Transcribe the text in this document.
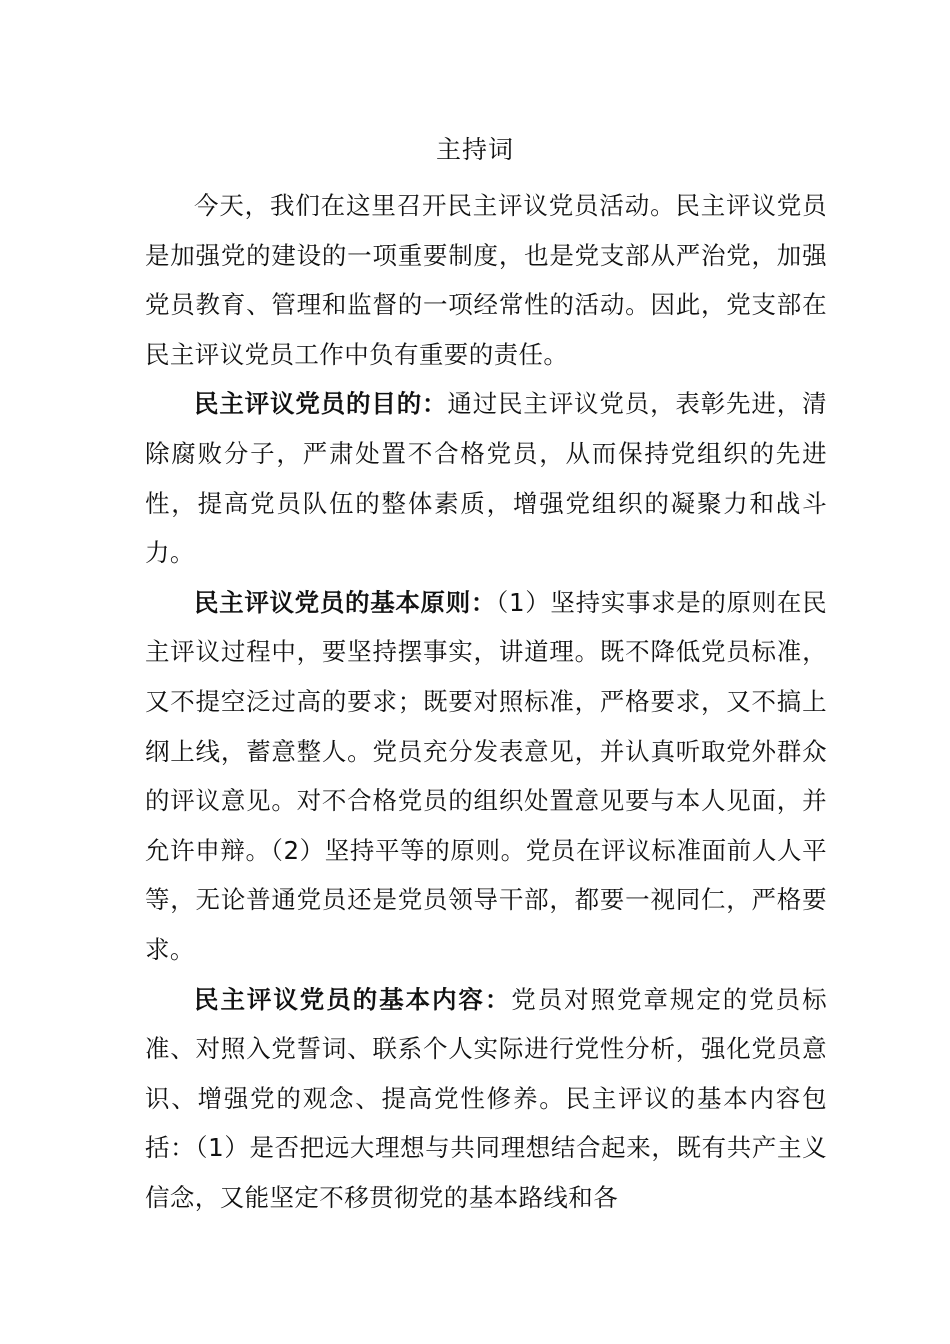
主持词

今天，我们在这里召开民主评议党员活动。民主评议党员是加强党的建设的一项重要制度，也是党支部从严治党，加强党员教育、管理和监督的一项经常性的活动。因此，党支部在民主评议党员工作中负有重要的责任。

民主评议党员的目的：通过民主评议党员，表彰先进，清除腐败分子，严肃处置不合格党员，从而保持党组织的先进性，提高党员队伍的整体素质，增强党组织的凝聚力和战斗力。

民主评议党员的基本原则：（1）坚持实事求是的原则在民主评议过程中，要坚持摆事实，讲道理。既不降低党员标准，又不提空泛过高的要求；既要对照标准，严格要求，又不搞上纲上线，蓄意整人。党员充分发表意见，并认真听取党外群众的评议意见。对不合格党员的组织处置意见要与本人见面，并允许申辩。（2）坚持平等的原则。党员在评议标准面前人人平等，无论普通党员还是党员领导干部，都要一视同仁，严格要求。

民主评议党员的基本内容：党员对照党章规定的党员标准、对照入党誓词、联系个人实际进行党性分析，强化党员意识、增强党的观念、提高党性修养。民主评议的基本内容包括：（1）是否把远大理想与共同理想结合起来，既有共产主义信念，又能坚定不移贯彻党的基本路线和各
